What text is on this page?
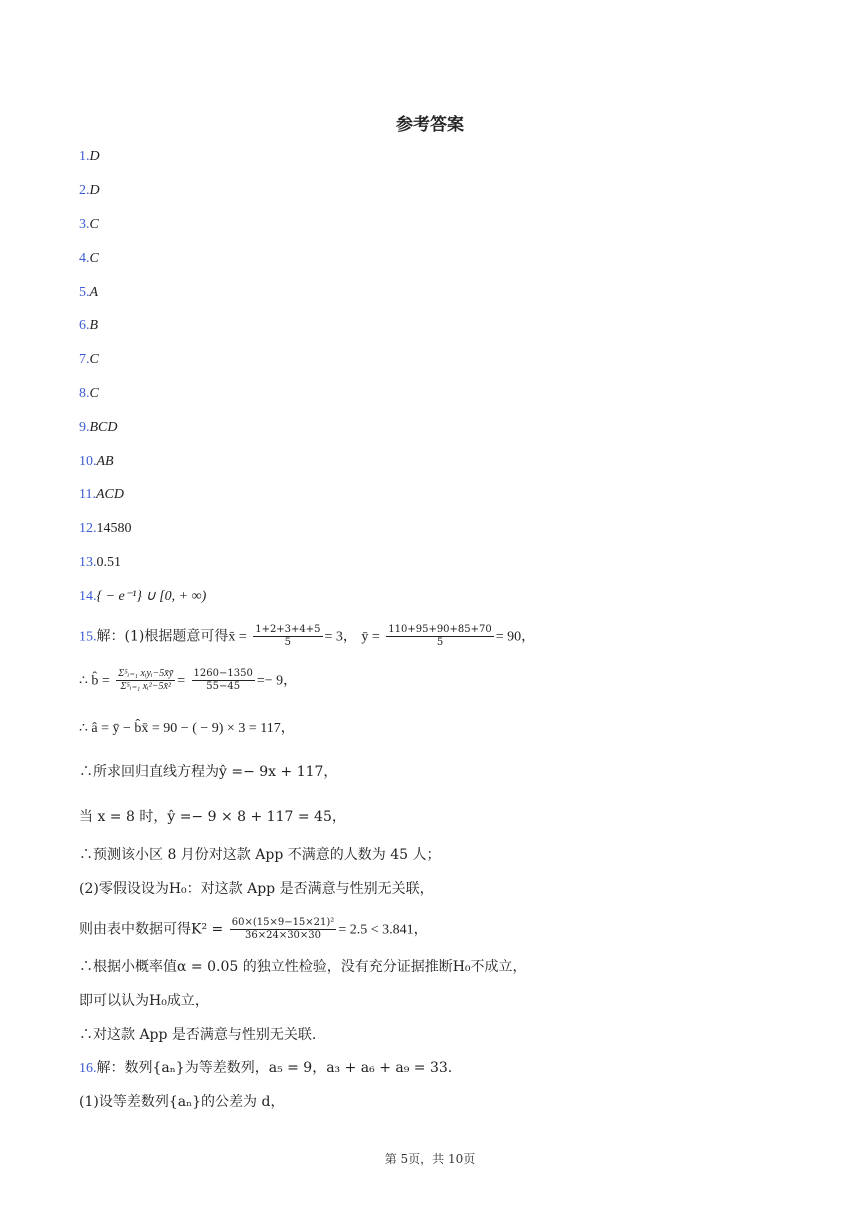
参考答案
1.D
2.D
3.C
4.C
5.A
6.B
7.C
8.C
9.BCD
10.AB
11.ACD
12.14580
13.0.51
14.{ − e⁻¹} ∪ [0, + ∞)
15.解：(1)根据题意可得x̄ = $\frac{1+2+3+4+5}{5} = 3$， ȳ = $\frac{110+95+90+85+70}{5} = 90$，
∴ b̂ = $\frac{\text{Σ⁵ᵢ₌₁ xᵢyᵢ−5x̄ȳ}}{\text{Σ⁵ᵢ₌₁ xᵢ²−5x̄²}} = \frac{1260-1350}{55-45} =- 9$，
∴ â = ȳ − b̂x̄ = 90 − ( − 9) × 3 = 117，
∴所求回归直线方程为ŷ =− 9x + 117，
当 x = 8 时，ŷ =− 9 × 8 + 117 = 45，
∴预测该小区 8 月份对这款 App 不满意的人数为 45 人；
(2)零假设设为H₀：对这款 App 是否满意与性别无关联，
则由表中数据可得$K^2 = \frac{\text{60×(15×9−15×21)²}}{36\times 24\times 30\times 30} = 2.5 < 3.841$，
∴根据小概率值α = 0.05 的独立性检验，没有充分证据推断H₀不成立，
即可以认为H₀成立，
∴对这款 App 是否满意与性别无关联.
16.解：数列{aₙ}为等差数列，a₅ = 9，a₃ + a₆ + a₉ = 33.
(1)设等差数列{aₙ}的公差为 d，
第 5页，共 10页
